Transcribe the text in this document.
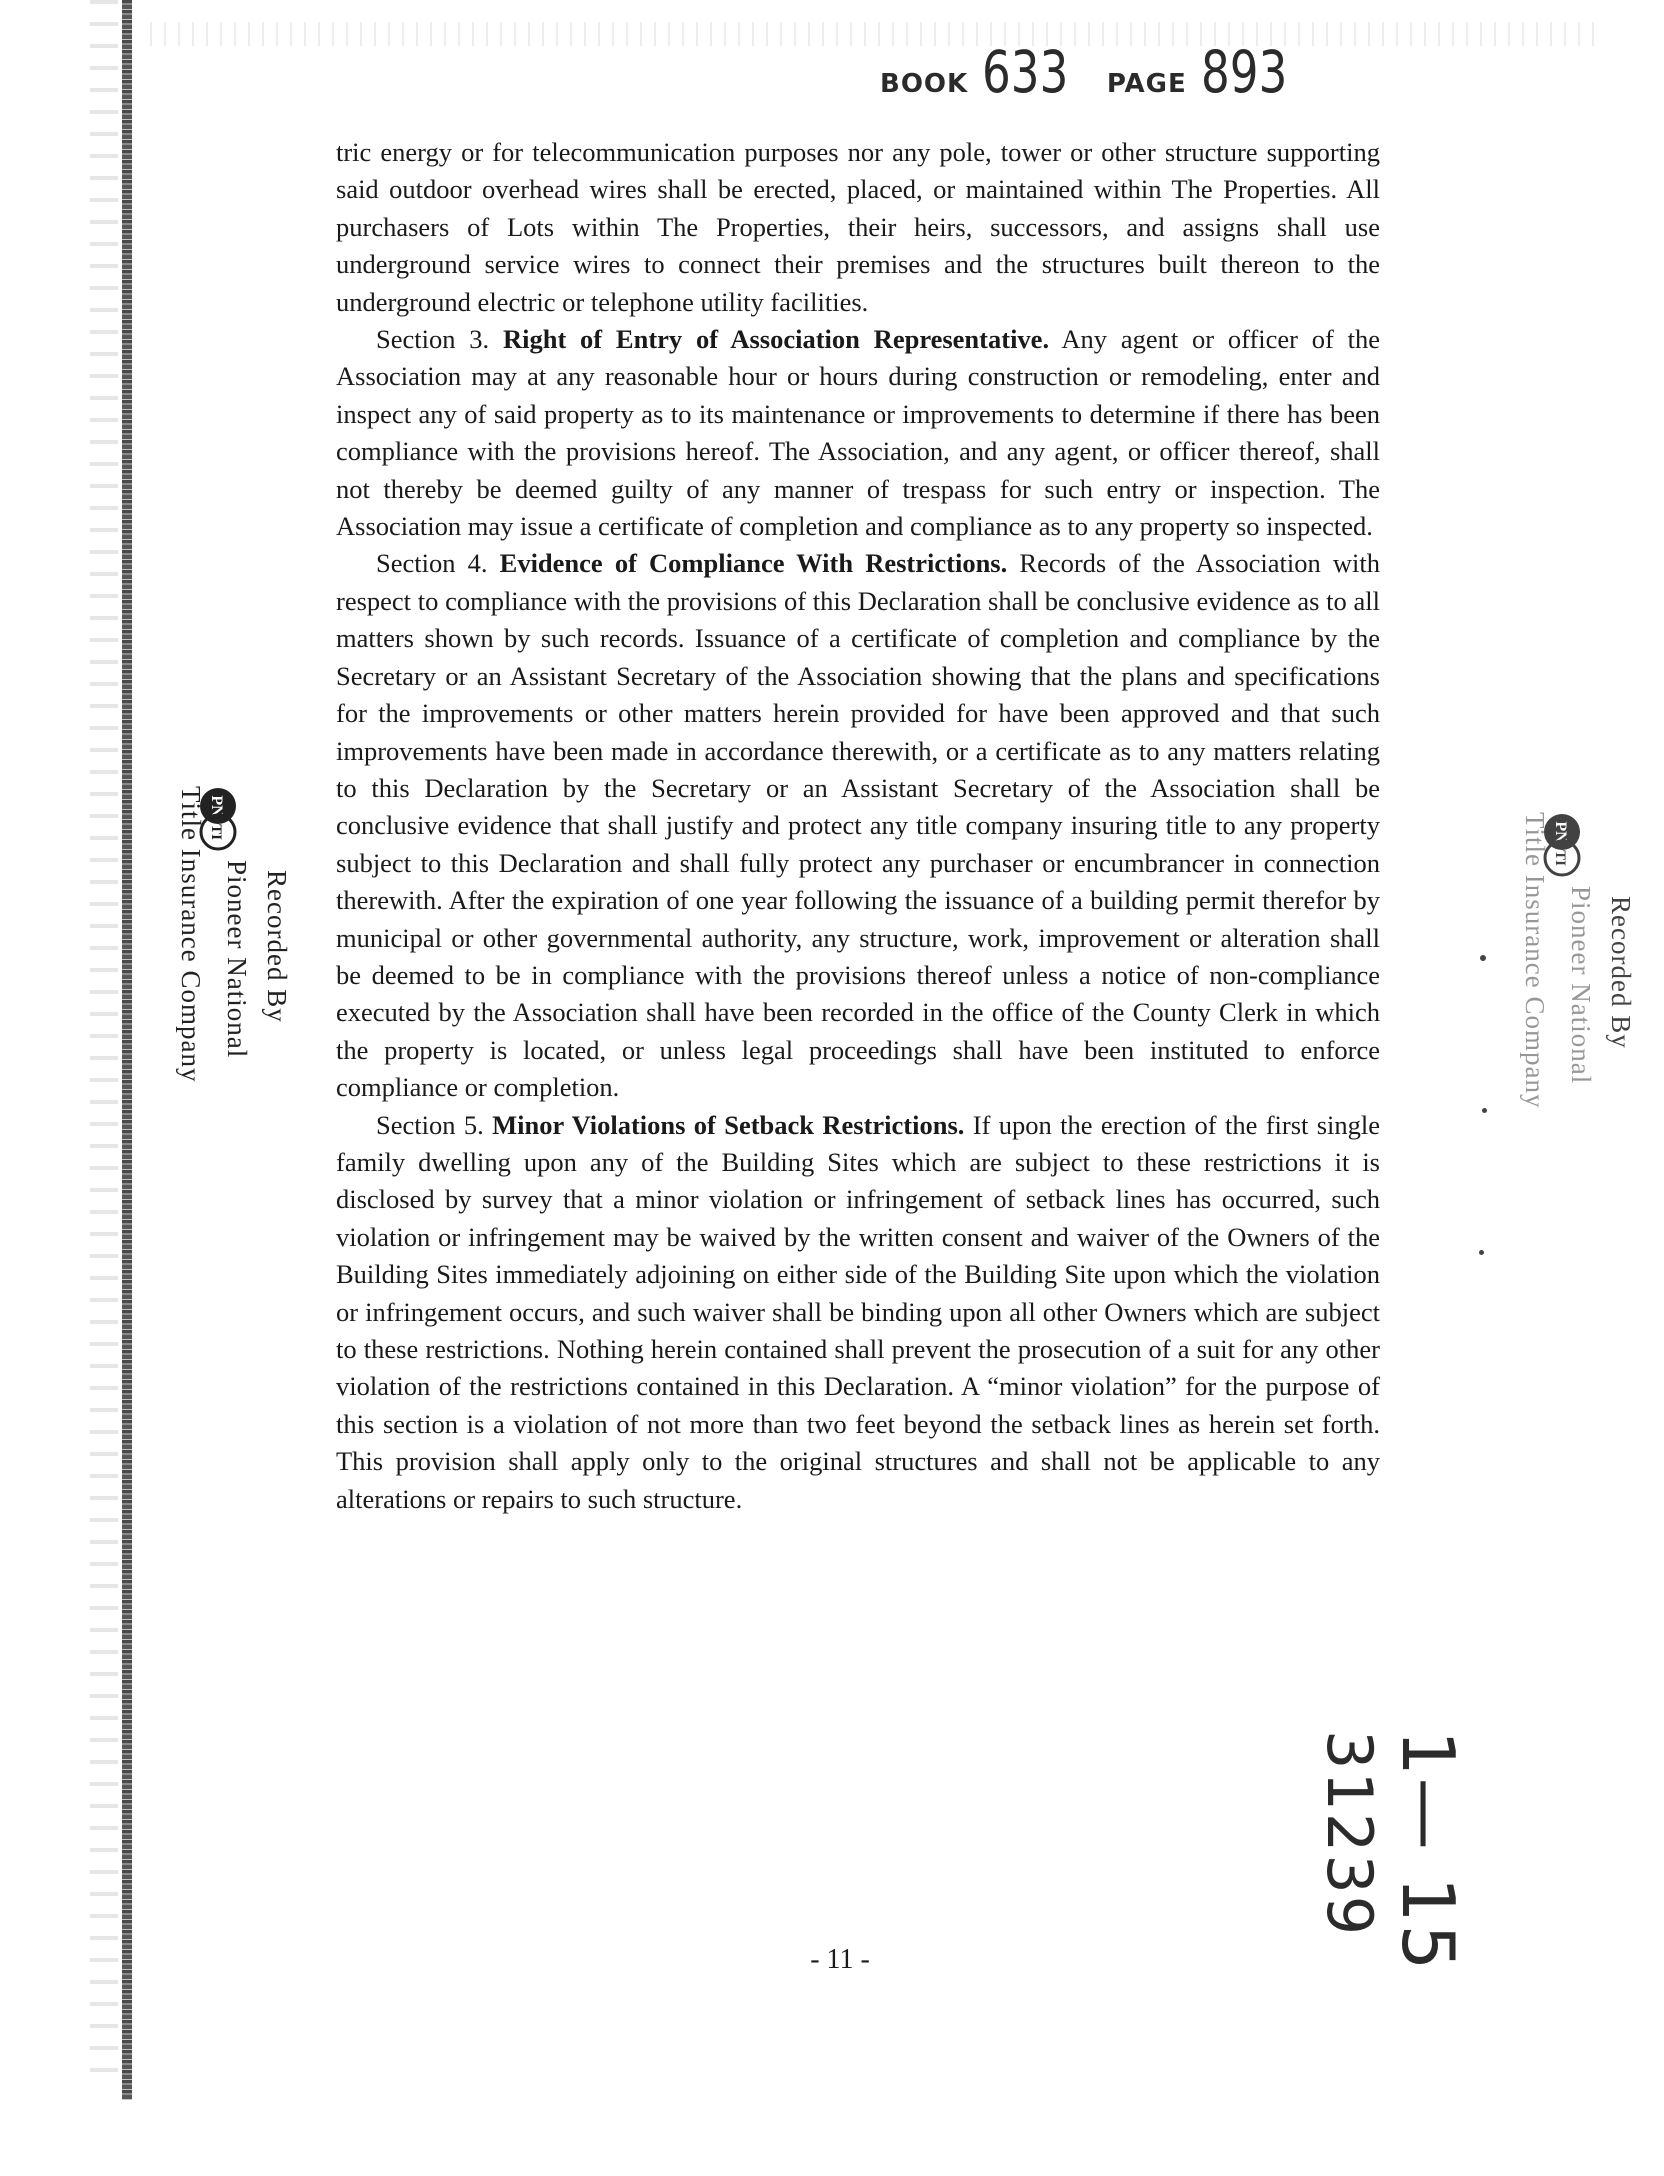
BOOK 633 PAGE 893

tric energy or for telecommunication purposes nor any pole, tower or other structure supporting said outdoor overhead wires shall be erected, placed, or maintained within The Properties. All purchasers of Lots within The Properties, their heirs, successors, and assigns shall use underground service wires to connect their premises and the structures built thereon to the underground electric or telephone utility facilities.

Section 3. Right of Entry of Association Representative. Any agent or officer of the Association may at any reasonable hour or hours during construction or remodeling, enter and inspect any of said property as to its maintenance or improvements to determine if there has been compliance with the provisions hereof. The Association, and any agent, or officer thereof, shall not thereby be deemed guilty of any manner of trespass for such entry or inspection. The Association may issue a certificate of completion and compliance as to any property so inspected.

Section 4. Evidence of Compliance With Restrictions. Records of the Association with respect to compliance with the provisions of this Declaration shall be conclusive evidence as to all matters shown by such records. Issuance of a certificate of completion and compliance by the Secretary or an Assistant Secretary of the Association showing that the plans and specifications for the improvements or other matters herein provided for have been approved and that such improvements have been made in accordance therewith, or a certificate as to any matters relating to this Declaration by the Secretary or an Assistant Secretary of the Association shall be conclusive evidence that shall justify and protect any title company insuring title to any property subject to this Declaration and shall fully protect any purchaser or encumbrancer in connection therewith. After the expiration of one year following the issuance of a building permit therefor by municipal or other governmental authority, any structure, work, improvement or alteration shall be deemed to be in compliance with the provisions thereof unless a notice of non-compliance executed by the Association shall have been recorded in the office of the County Clerk in which the property is located, or unless legal proceedings shall have been instituted to enforce compliance or completion.

Section 5. Minor Violations of Setback Restrictions. If upon the erection of the first single family dwelling upon any of the Building Sites which are subject to these restrictions it is disclosed by survey that a minor violation or infringement of setback lines has occurred, such violation or infringement may be waived by the written consent and waiver of the Owners of the Building Sites immediately adjoining on either side of the Building Site upon which the violation or infringement occurs, and such waiver shall be binding upon all other Owners which are subject to these restrictions. Nothing herein contained shall prevent the prosecution of a suit for any other violation of the restrictions contained in this Declaration. A “minor violation” for the purpose of this section is a violation of not more than two feet beyond the setback lines as herein set forth. This provision shall apply only to the original structures and shall not be applicable to any alterations or repairs to such structure.

- 11 -
PN
TI
Recorded By
Pioneer National
Title Insurance Company	PN
TI
Recorded By
Pioneer National
Title Insurance Company
1— 15
31239
